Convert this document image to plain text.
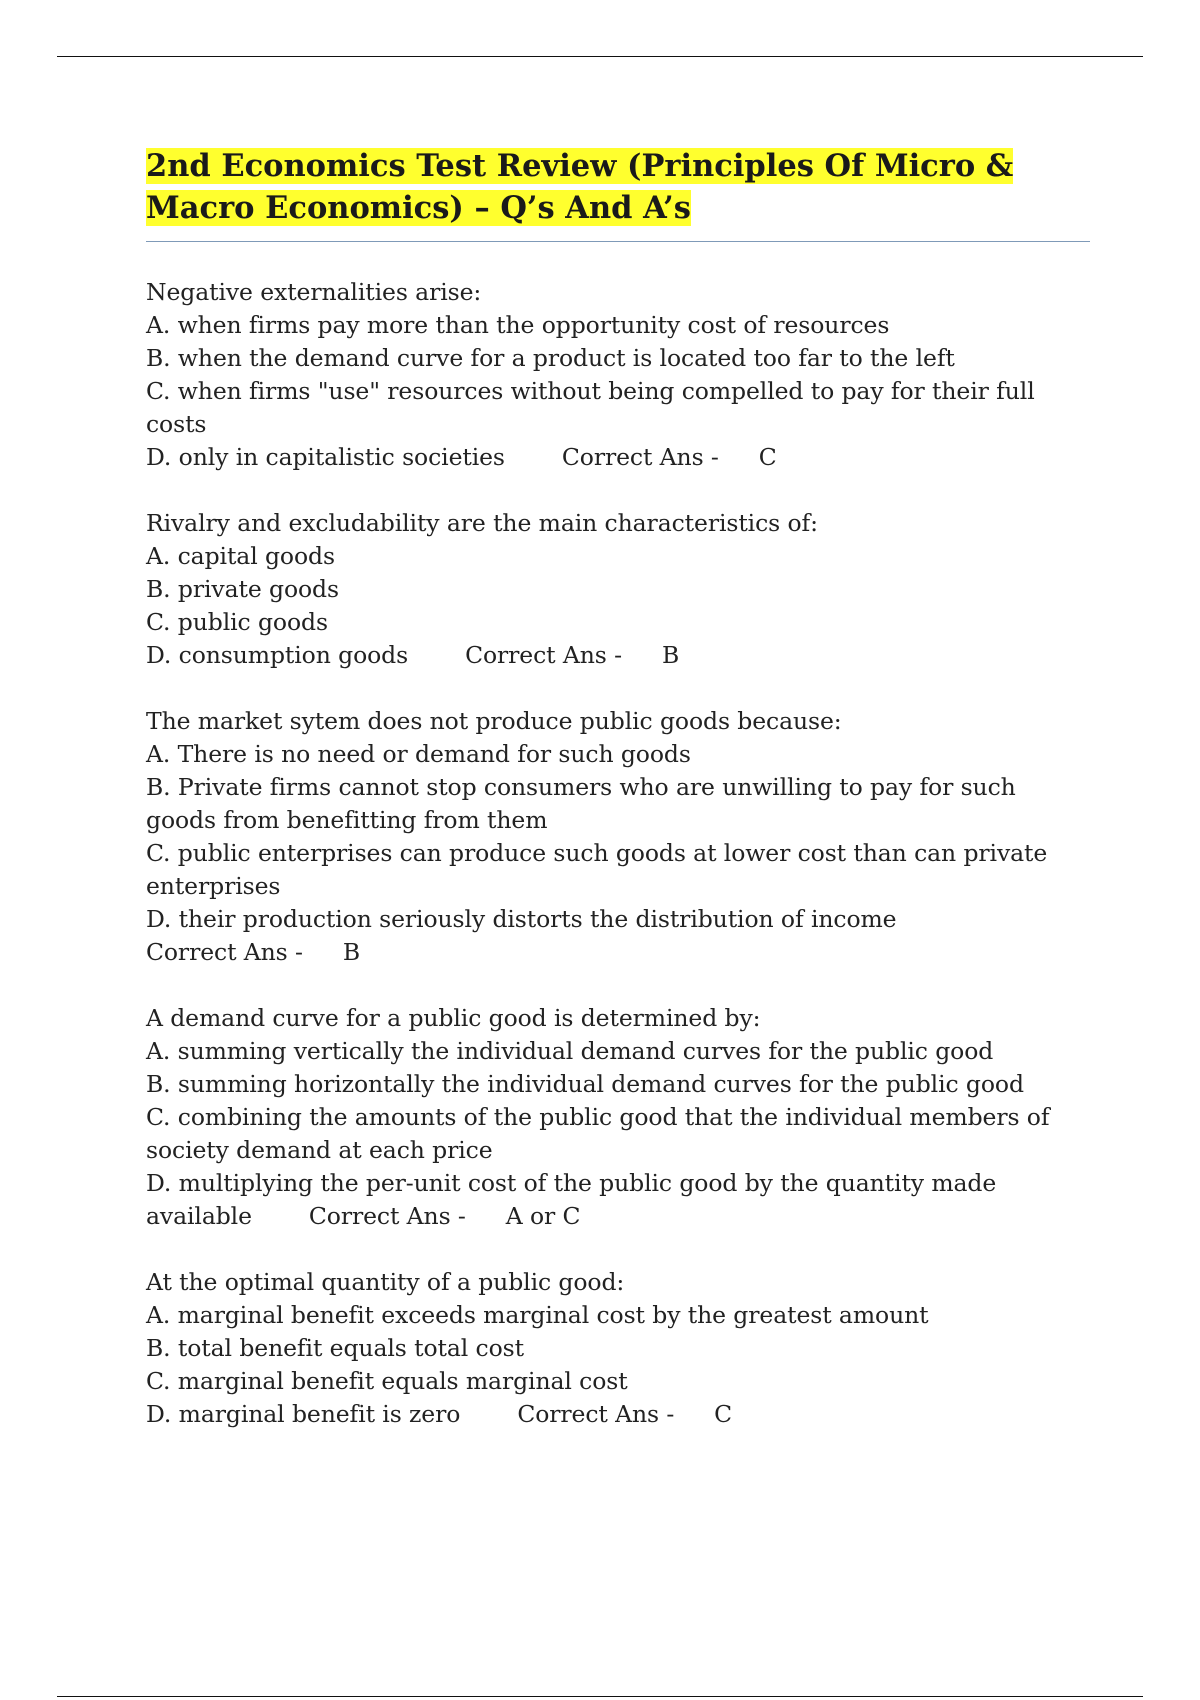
2nd Economics Test Review (Principles Of Micro & Macro Economics) – Q’s And A’s
Negative externalities arise:
A. when firms pay more than the opportunity cost of resources
B. when the demand curve for a product is located too far to the left
C. when firms "use" resources without being compelled to pay for their full costs
D. only in capitalistic societies Correct Ans - C
Rivalry and excludability are the main characteristics of:
A. capital goods
B. private goods
C. public goods
D. consumption goods Correct Ans - B
The market sytem does not produce public goods because:
A. There is no need or demand for such goods
B. Private firms cannot stop consumers who are unwilling to pay for such goods from benefitting from them
C. public enterprises can produce such goods at lower cost than can private enterprises
D. their production seriously distorts the distribution of income
Correct Ans - B
A demand curve for a public good is determined by:
A. summing vertically the individual demand curves for the public good
B. summing horizontally the individual demand curves for the public good
C. combining the amounts of the public good that the individual members of society demand at each price
D. multiplying the per-unit cost of the public good by the quantity made available Correct Ans - A or C
At the optimal quantity of a public good:
A. marginal benefit exceeds marginal cost by the greatest amount
B. total benefit equals total cost
C. marginal benefit equals marginal cost
D. marginal benefit is zero Correct Ans - C
